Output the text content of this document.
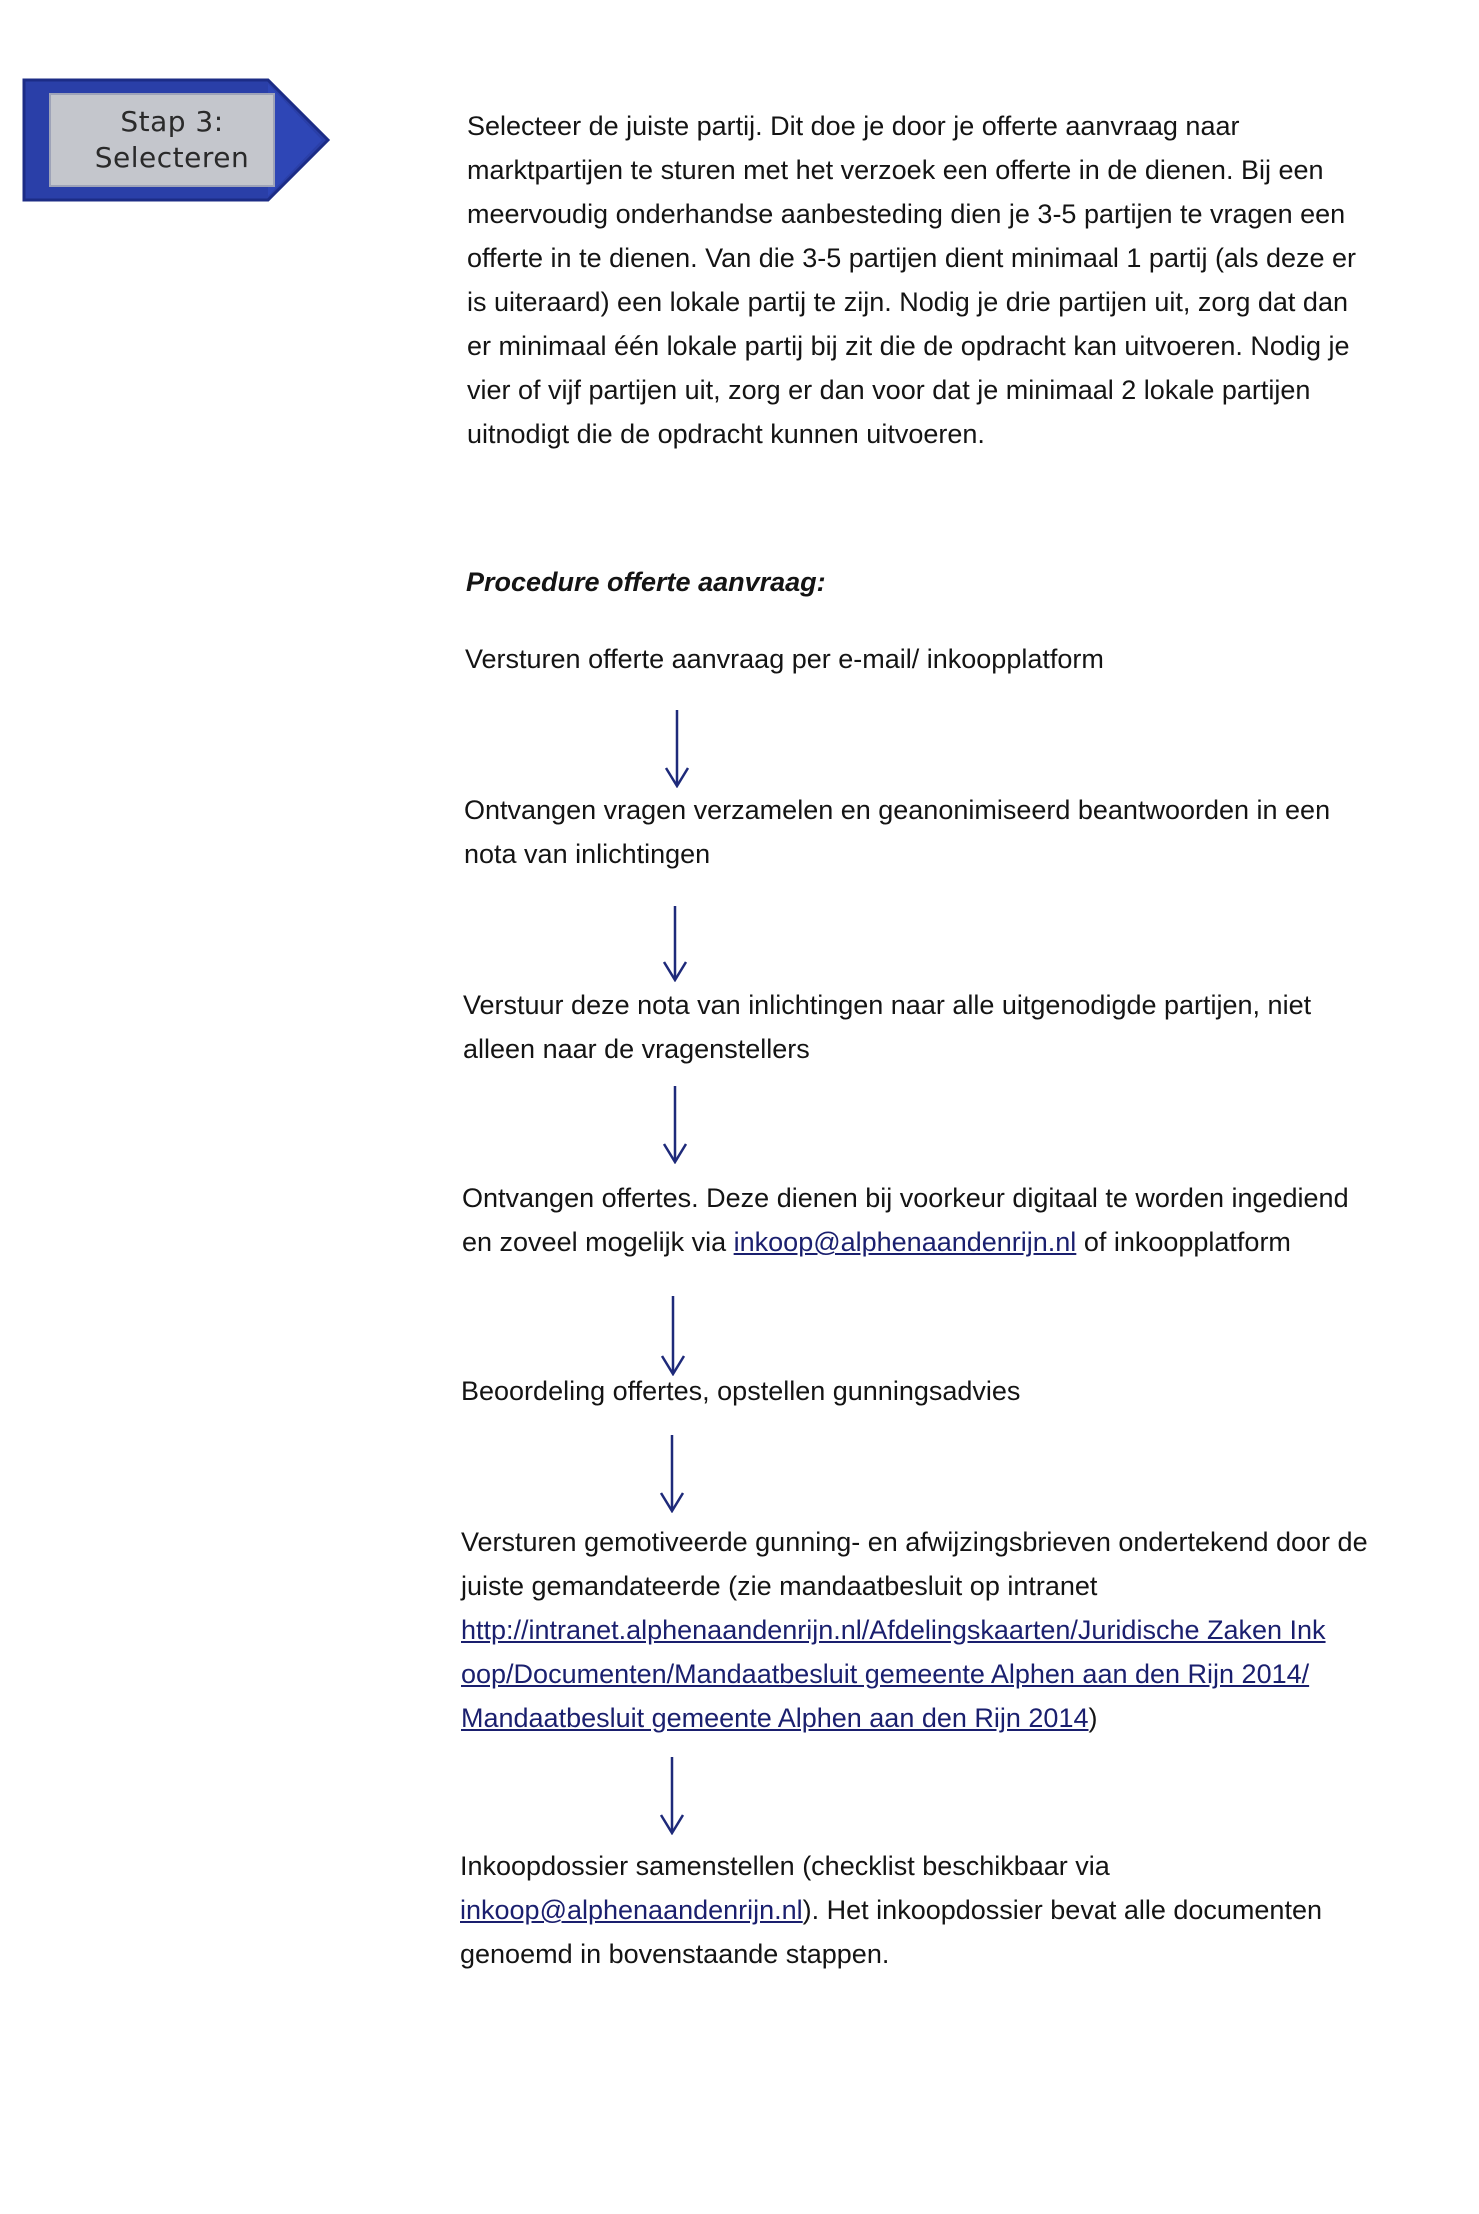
Stap 3:
Selecteren
Selecteer de juiste partij. Dit doe je door je offerte aanvraag naar
marktpartijen te sturen met het verzoek een offerte in de dienen. Bij een
meervoudig onderhandse aanbesteding dien je 3-5 partijen te vragen een
offerte in te dienen. Van die 3-5 partijen dient minimaal 1 partij (als deze er
is uiteraard) een lokale partij te zijn. Nodig je drie partijen uit, zorg dat dan
er minimaal één lokale partij bij zit die de opdracht kan uitvoeren. Nodig je
vier of vijf partijen uit, zorg er dan voor dat je minimaal 2 lokale partijen
uitnodigt die de opdracht kunnen uitvoeren.
Procedure offerte aanvraag:
Versturen offerte aanvraag per e-mail/ inkoopplatform
Ontvangen vragen verzamelen en geanonimiseerd beantwoorden in een
nota van inlichtingen
Verstuur deze nota van inlichtingen naar alle uitgenodigde partijen, niet
alleen naar de vragenstellers
Ontvangen offertes. Deze dienen bij voorkeur digitaal te worden ingediend
en zoveel mogelijk via inkoop@alphenaandenrijn.nl of inkoopplatform
Beoordeling offertes, opstellen gunningsadvies
Versturen gemotiveerde gunning- en afwijzingsbrieven ondertekend door de
juiste gemandateerde (zie mandaatbesluit op intranet
http://intranet.alphenaandenrijn.nl/Afdelingskaarten/Juridische Zaken Ink
oop/Documenten/Mandaatbesluit gemeente Alphen aan den Rijn 2014/
Mandaatbesluit gemeente Alphen aan den Rijn 2014)
Inkoopdossier samenstellen (checklist beschikbaar via
inkoop@alphenaandenrijn.nl). Het inkoopdossier bevat alle documenten
genoemd in bovenstaande stappen.
